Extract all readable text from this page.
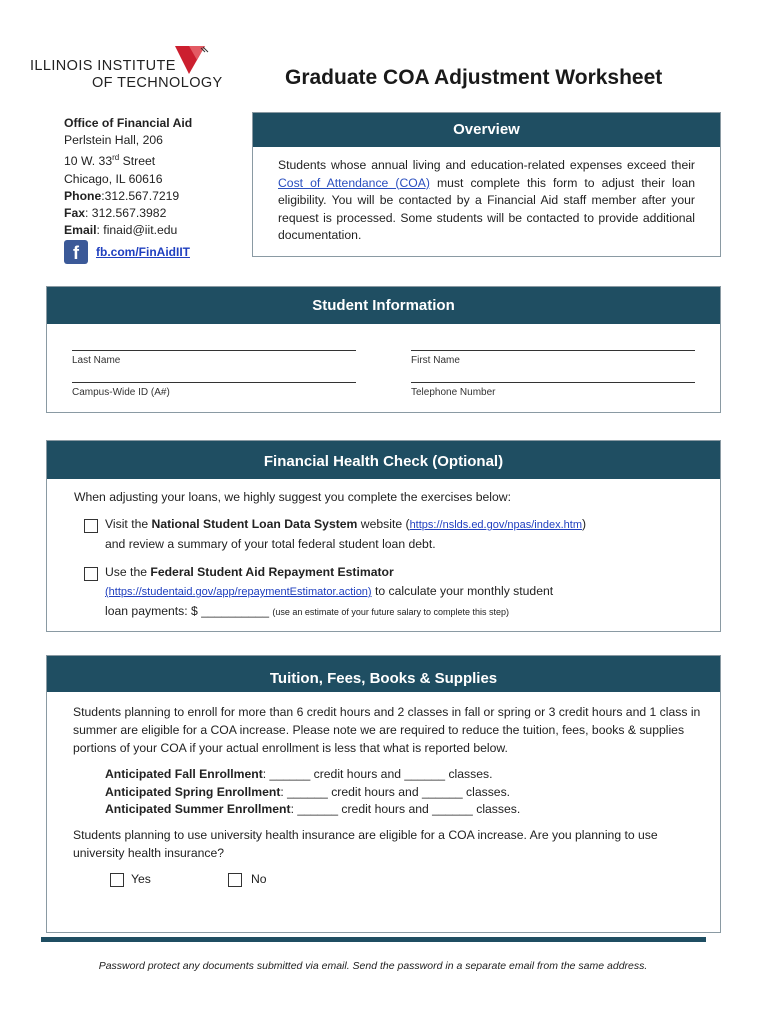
ILLINOIS INSTITUTE
OF TECHNOLOGY	Graduate COA Adjustment Worksheet
Office of Financial Aid
Perlstein Hall, 206
10 W. 33rd Street
Chicago, IL 60616
Phone:312.567.7219
Fax: 312.567.3982
Email: finaid@iit.edu
f	fb.com/FinAidIIT
Overview
Students whose annual living and education-related expenses exceed their Cost of Attendance (COA) must complete this form to adjust their loan eligibility. You will be contacted by a Financial Aid staff member after your request is processed. Some students will be contacted to provide additional documentation.
Student Information
Last Name	First Name
Campus-Wide ID (A#)	Telephone Number
Financial Health Check (Optional)
When adjusting your loans, we highly suggest you complete the exercises below:
Visit the National Student Loan Data System website (https://nslds.ed.gov/npas/index.htm)
and review a summary of your total federal student loan debt.
Use the Federal Student Aid Repayment Estimator
(https://studentaid.gov/app/repaymentEstimator.action) to calculate your monthly student
loan payments: $ __________ (use an estimate of your future salary to complete this step)
Tuition, Fees, Books & Supplies
Students planning to enroll for more than 6 credit hours and 2 classes in fall or spring or 3 credit hours and 1 class in summer are eligible for a COA increase. Please note we are required to reduce the tuition, fees, books & supplies portions of your COA if your actual enrollment is less that what is reported below.
Anticipated Fall Enrollment: ______ credit hours and ______ classes.
Anticipated Spring Enrollment: ______ credit hours and ______ classes.
Anticipated Summer Enrollment: ______ credit hours and ______ classes.
Students planning to use university health insurance are eligible for a COA increase. Are you planning to use university health insurance?
Yes	No
Password protect any documents submitted via email. Send the password in a separate email from the same address.
